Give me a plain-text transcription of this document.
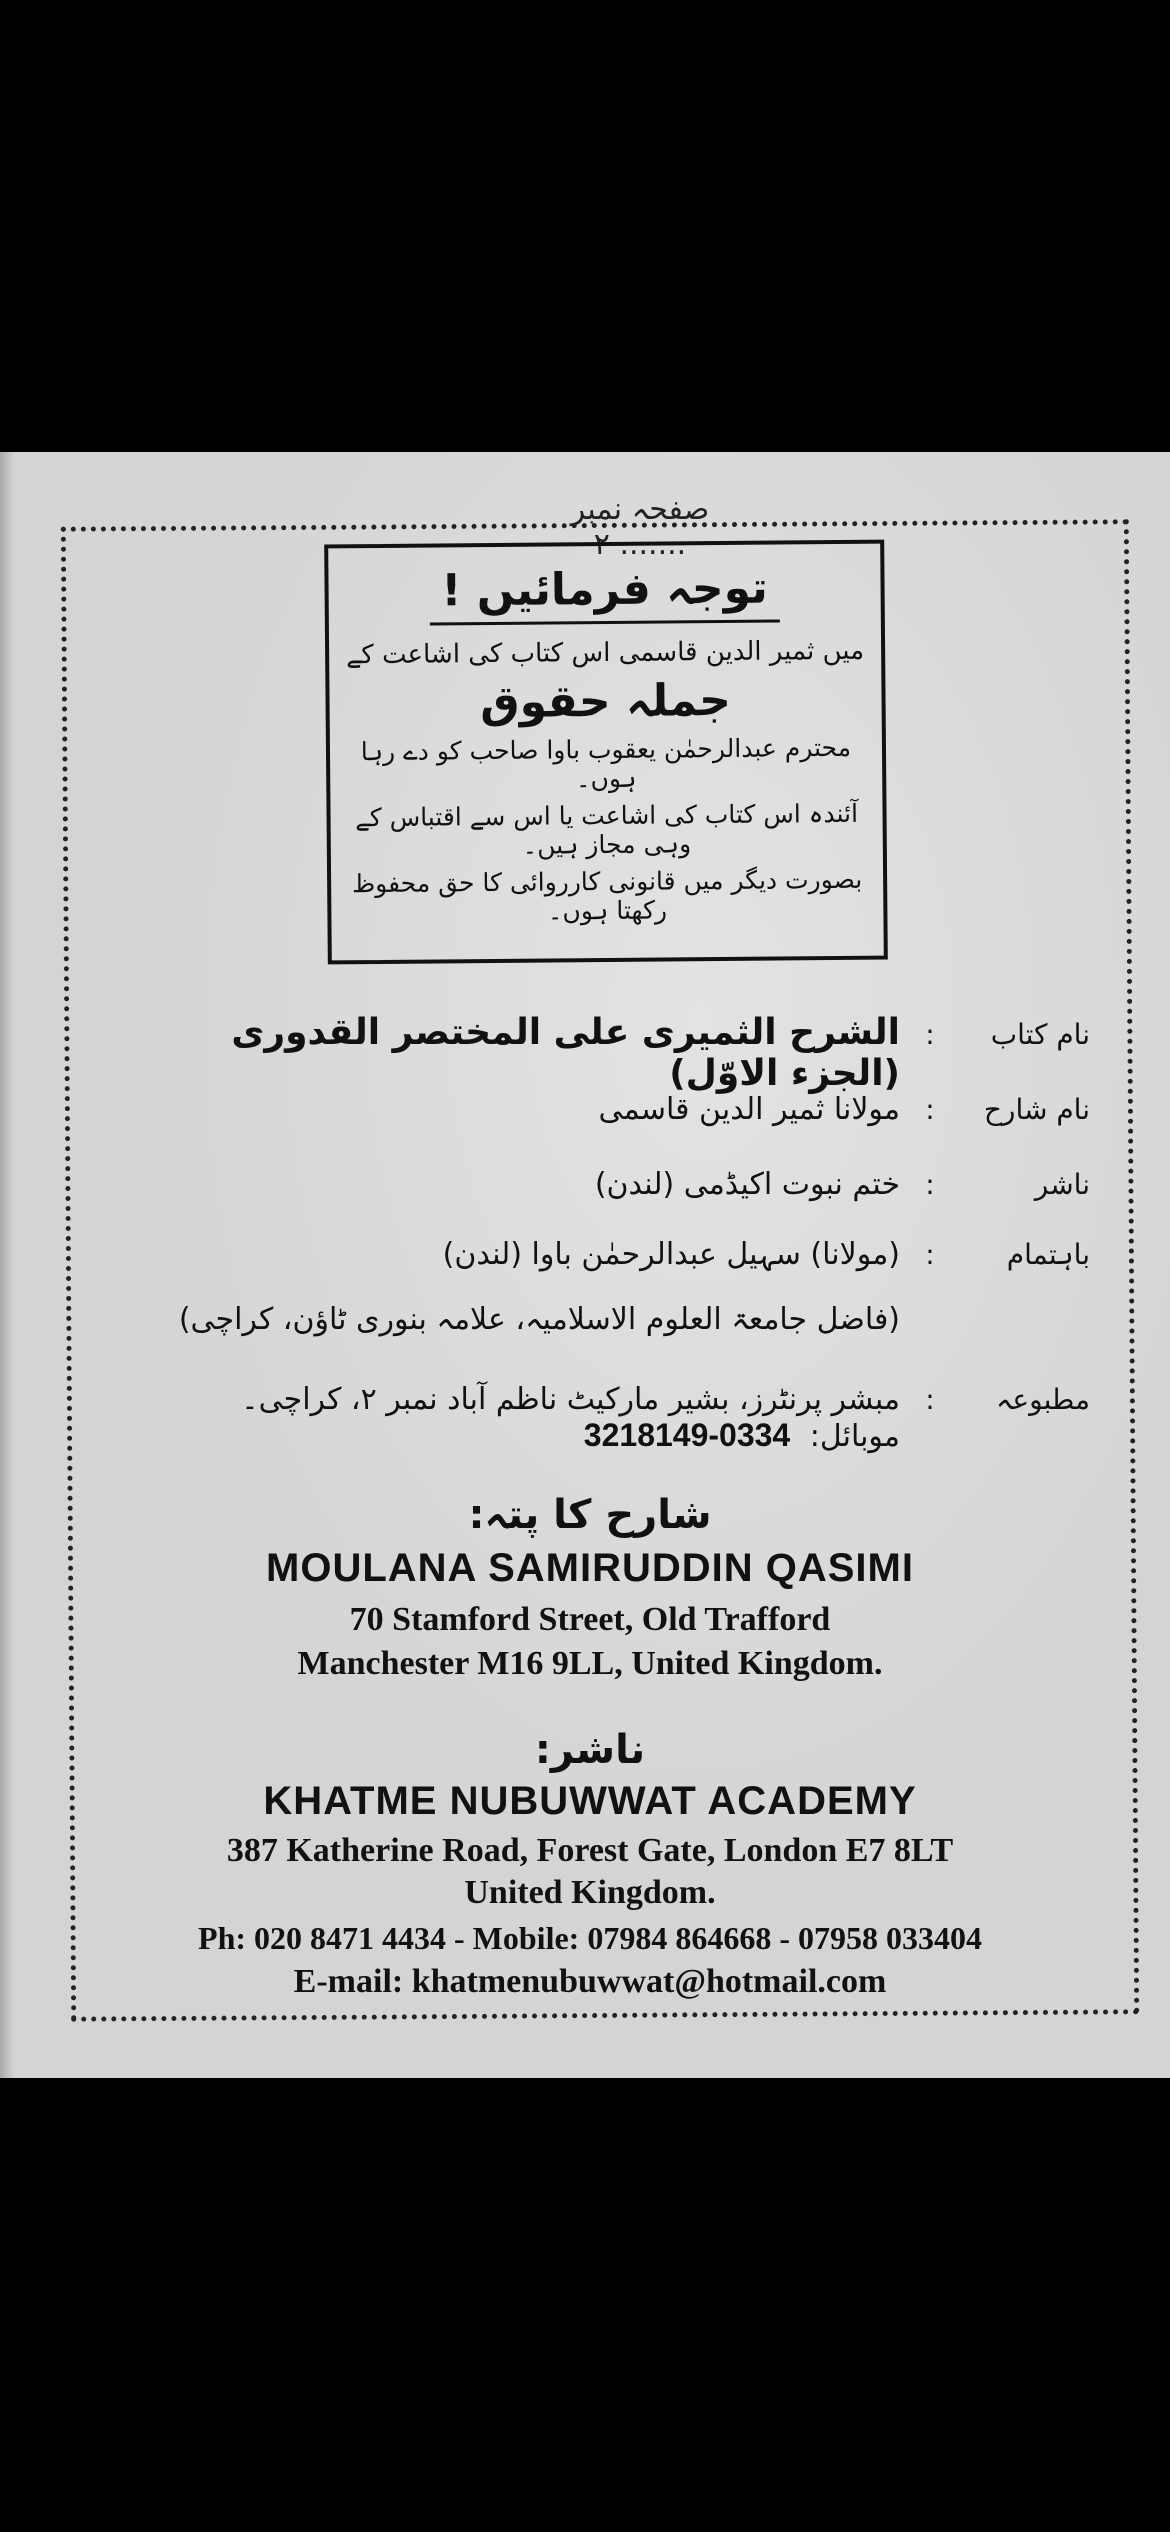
صفحہ نمبر ....... ۲
توجہ فرمائیں !
میں ثمیر الدین قاسمی اس کتاب کی اشاعت کے
جملہ حقوق
محترم عبدالرحمٰن یعقوب باوا صاحب کو دے رہا ہوں۔
آئندہ اس کتاب کی اشاعت یا اس سے اقتباس کے وہی مجاز ہیں۔
بصورت دیگر میں قانونی کارروائی کا حق محفوظ رکھتا ہوں۔
نام کتاب
:
الشرح الثمیری علی المختصر القدوری (الجزء الاوّل)
نام شارح
:
مولانا ثمیر الدین قاسمی
ناشر
:
ختم نبوت اکیڈمی (لندن)
باہتمام
:
(مولانا) سہیل عبدالرحمٰن باوا (لندن)
(فاضل جامعۃ العلوم الاسلامیہ، علامہ بنوری ٹاؤن، کراچی)
مطبوعہ
:
مبشر پرنٹرز، بشیر مارکیٹ ناظم آباد نمبر ۲، کراچی۔ موبائل: 0334-3218149
شارح کا پتہ:
MOULANA SAMIRUDDIN QASIMI
70 Stamford Street, Old Trafford
Manchester M16 9LL, United Kingdom.
ناشر:
KHATME NUBUWWAT ACADEMY
387 Katherine Road, Forest Gate, London E7 8LT
United Kingdom.
Ph: 020 8471 4434 - Mobile: 07984 864668 - 07958 033404
E-mail: khatmenubuwwat@hotmail.com
